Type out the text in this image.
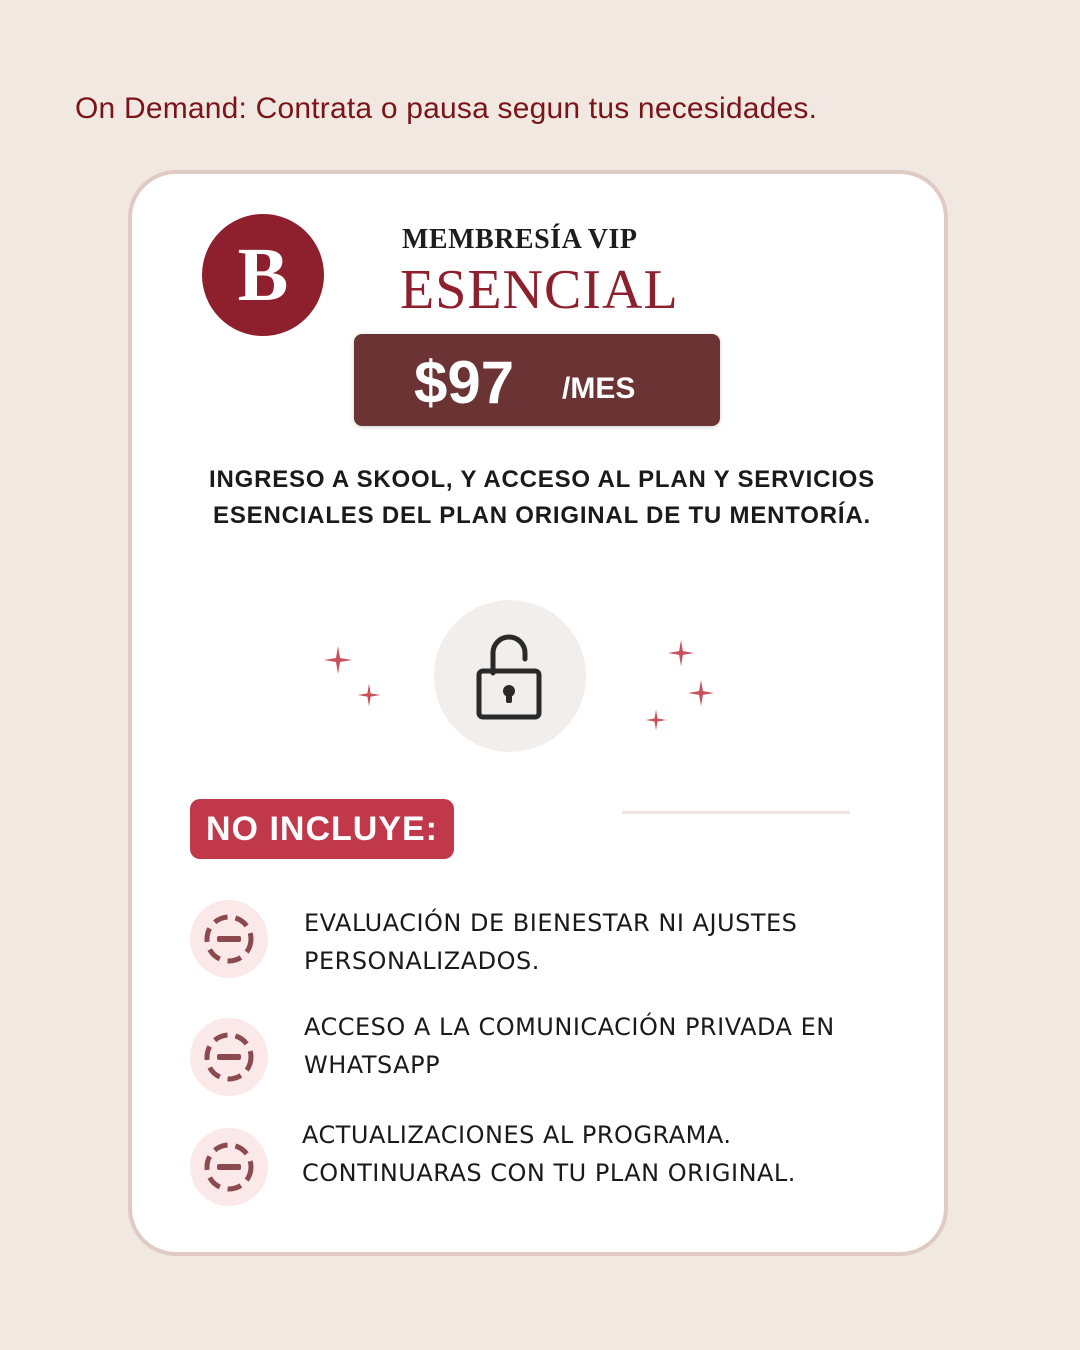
On Demand: Contrata o pausa segun tus necesidades.
B	MEMBRESÍA VIP
ESENCIAL
$97 /MES
INGRESO A SKOOL, Y ACCESO AL PLAN Y SERVICIOS ESENCIALES DEL PLAN ORIGINAL DE TU MENTORÍA.
NO INCLUYE:
EVALUACIÓN DE BIENESTAR NI AJUSTES PERSONALIZADOS.
ACCESO A LA COMUNICACIÓN PRIVADA EN WHATSAPP
ACTUALIZACIONES AL PROGRAMA. CONTINUARAS CON TU PLAN ORIGINAL.
